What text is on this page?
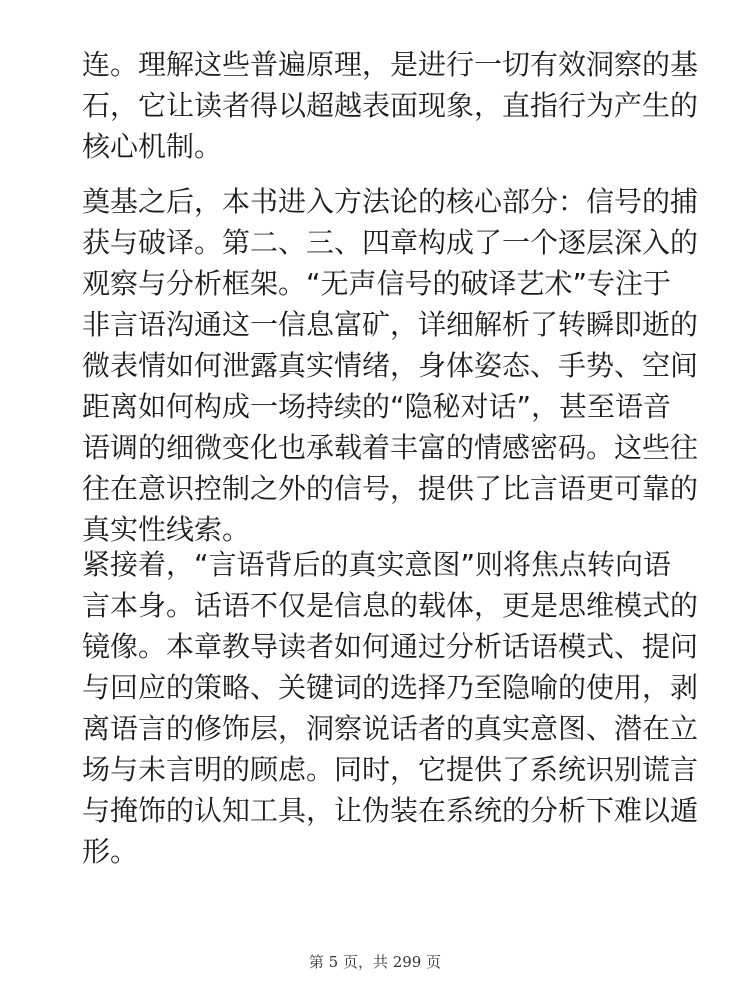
连。理解这些普遍原理，是进行一切有效洞察的基
石，它让读者得以超越表面现象，直指行为产生的
核心机制。
奠基之后，本书进入方法论的核心部分：信号的捕
获与破译。第二、三、四章构成了一个逐层深入的
观察与分析框架。“无声信号的破译艺术”专注于
非言语沟通这一信息富矿，详细解析了转瞬即逝的
微表情如何泄露真实情绪，身体姿态、手势、空间
距离如何构成一场持续的“隐秘对话”，甚至语音
语调的细微变化也承载着丰富的情感密码。这些往
往在意识控制之外的信号，提供了比言语更可靠的
真实性线索。
紧接着，“言语背后的真实意图”则将焦点转向语
言本身。话语不仅是信息的载体，更是思维模式的
镜像。本章教导读者如何通过分析话语模式、提问
与回应的策略、关键词的选择乃至隐喻的使用，剥
离语言的修饰层，洞察说话者的真实意图、潜在立
场与未言明的顾虑。同时，它提供了系统识别谎言
与掩饰的认知工具，让伪装在系统的分析下难以遁
形。
第 5 页，共 299 页
